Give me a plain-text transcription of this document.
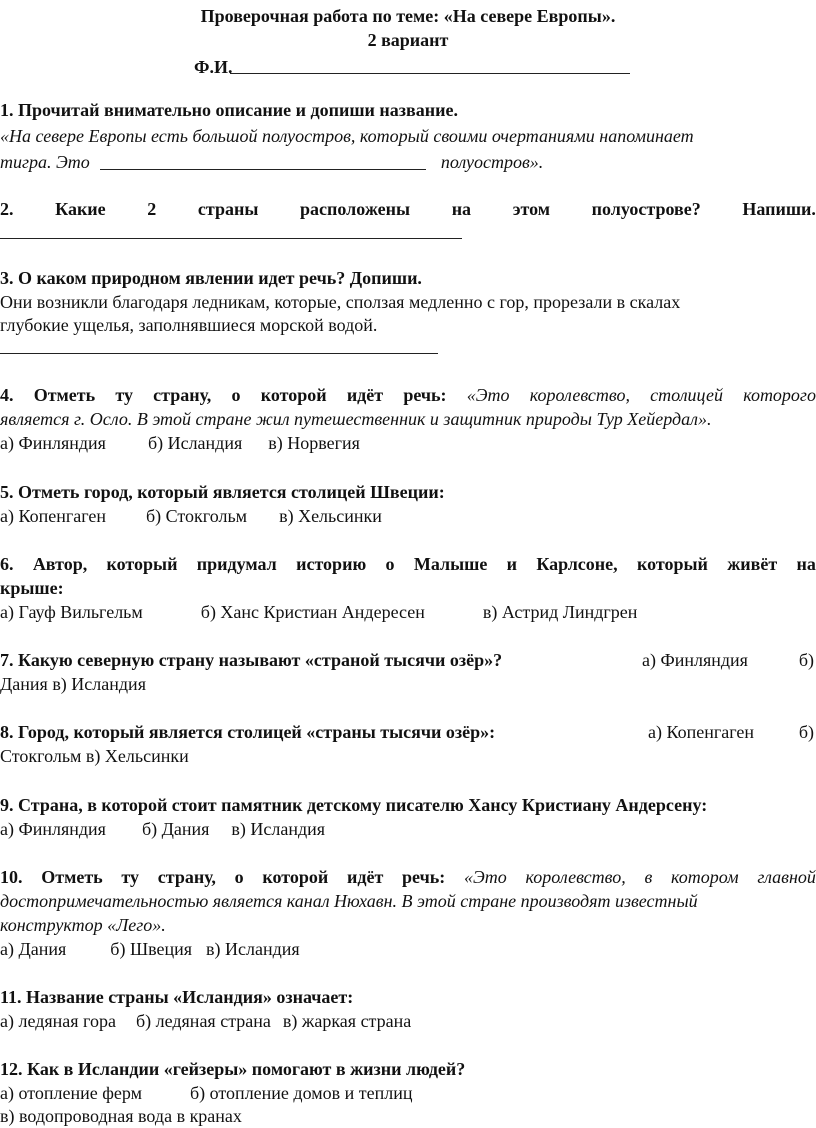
Проверочная работа по теме: «На севере Европы».
2 вариант
Ф.И.
1. Прочитай внимательно описание и допиши название.
«На севере Европы есть большой полуостров, который своими очертаниями напоминает
тигра. Это	полуостров».
2. Какие 2 страны расположены на этом полуострове? Напиши.
3. О каком природном явлении идет речь? Допиши.
Они возникли благодаря ледникам, которые, сползая медленно с гор, прорезали в скалах
глубокие ущелья, заполнявшиеся морской водой.
4. Отметь ту страну, о которой идёт речь: «Это королевство, столицей которого
является г. Осло. В этой стране жил путешественник и защитник природы Тур Хейердал».
а) Финляндия б) Исландия в) Норвегия
5. Отметь город, который является столицей Швеции:
а) Копенгаген б) Стокгольм в) Хельсинки
6. Автор, который придумал историю о Малыше и Карлсоне, который живёт на
крыше:
а) Гауф Вильгельм	б) Ханс Кристиан Андересен	в) Астрид Линдгрен
7. Какую северную страну называют «страной тысячи озёр»?	а) Финляндия	б)
Дания в) Исландия
8. Город, который является столицей «страны тысячи озёр»:	а) Копенгаген б)
Стокгольм в) Хельсинки
9. Страна, в которой стоит памятник детскому писателю Хансу Кристиану Андерсену:
а) Финляндия б) Дания в) Исландия
10. Отметь ту страну, о которой идёт речь: «Это королевство, в котором главной
достопримечательностью является канал Нюхавн. В этой стране производят известный
конструктор «Лего».
а) Дания б) Швеция в) Исландия
11. Название страны «Исландия» означает:
а) ледяная гора б) ледяная страна в) жаркая страна
12. Как в Исландии «гейзеры» помогают в жизни людей?
а) отопление ферм	б) отопление домов и теплиц
в) водопроводная вода в кранах
